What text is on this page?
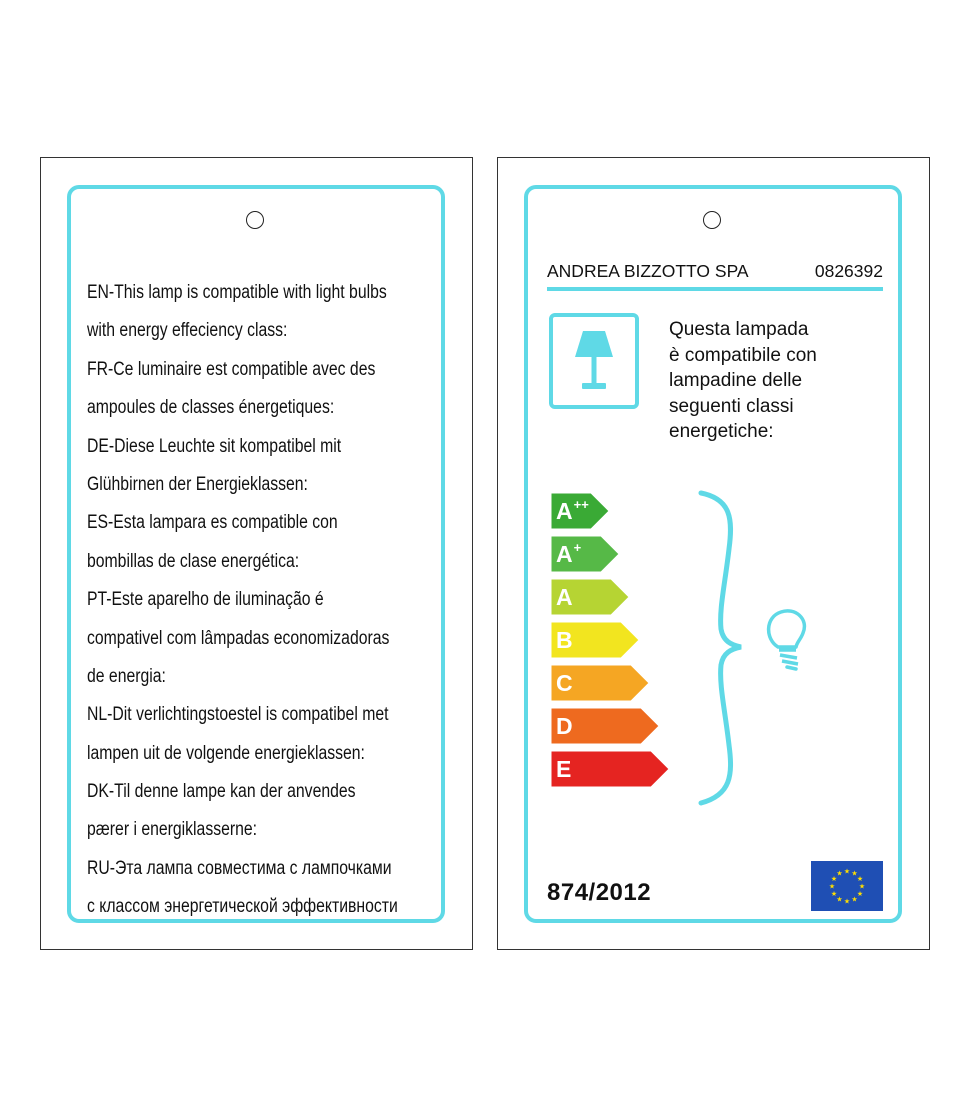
EN-This lamp is compatible with light bulbs
with energy effeciency class:
FR-Ce luminaire est compatible avec des
ampoules de classes énergetiques:
DE-Diese Leuchte sit kompatibel mit
Glühbirnen der Energieklassen:
ES-Esta lampara es compatible con
bombillas de clase energética:
PT-Este aparelho de iluminação é
compativel com lâmpadas economizadoras
de energia:
NL-Dit verlichtingstoestel is compatibel met
lampen uit de volgende energieklassen:
DK-Til denne lampe kan der anvendes
pærer i energiklasserne:
RU-Эта лампа совместима с лампочками
с классом энергетической эффективности
ANDREA BIZZOTTO SPA	0826392
Questa lampada
è compatibile con
lampadine delle
seguenti classi
energetiche:
A++
A+
A
B
C
D
E
874/2012	★
★
★
★
★
★
★
★
★ ★ ★
★
